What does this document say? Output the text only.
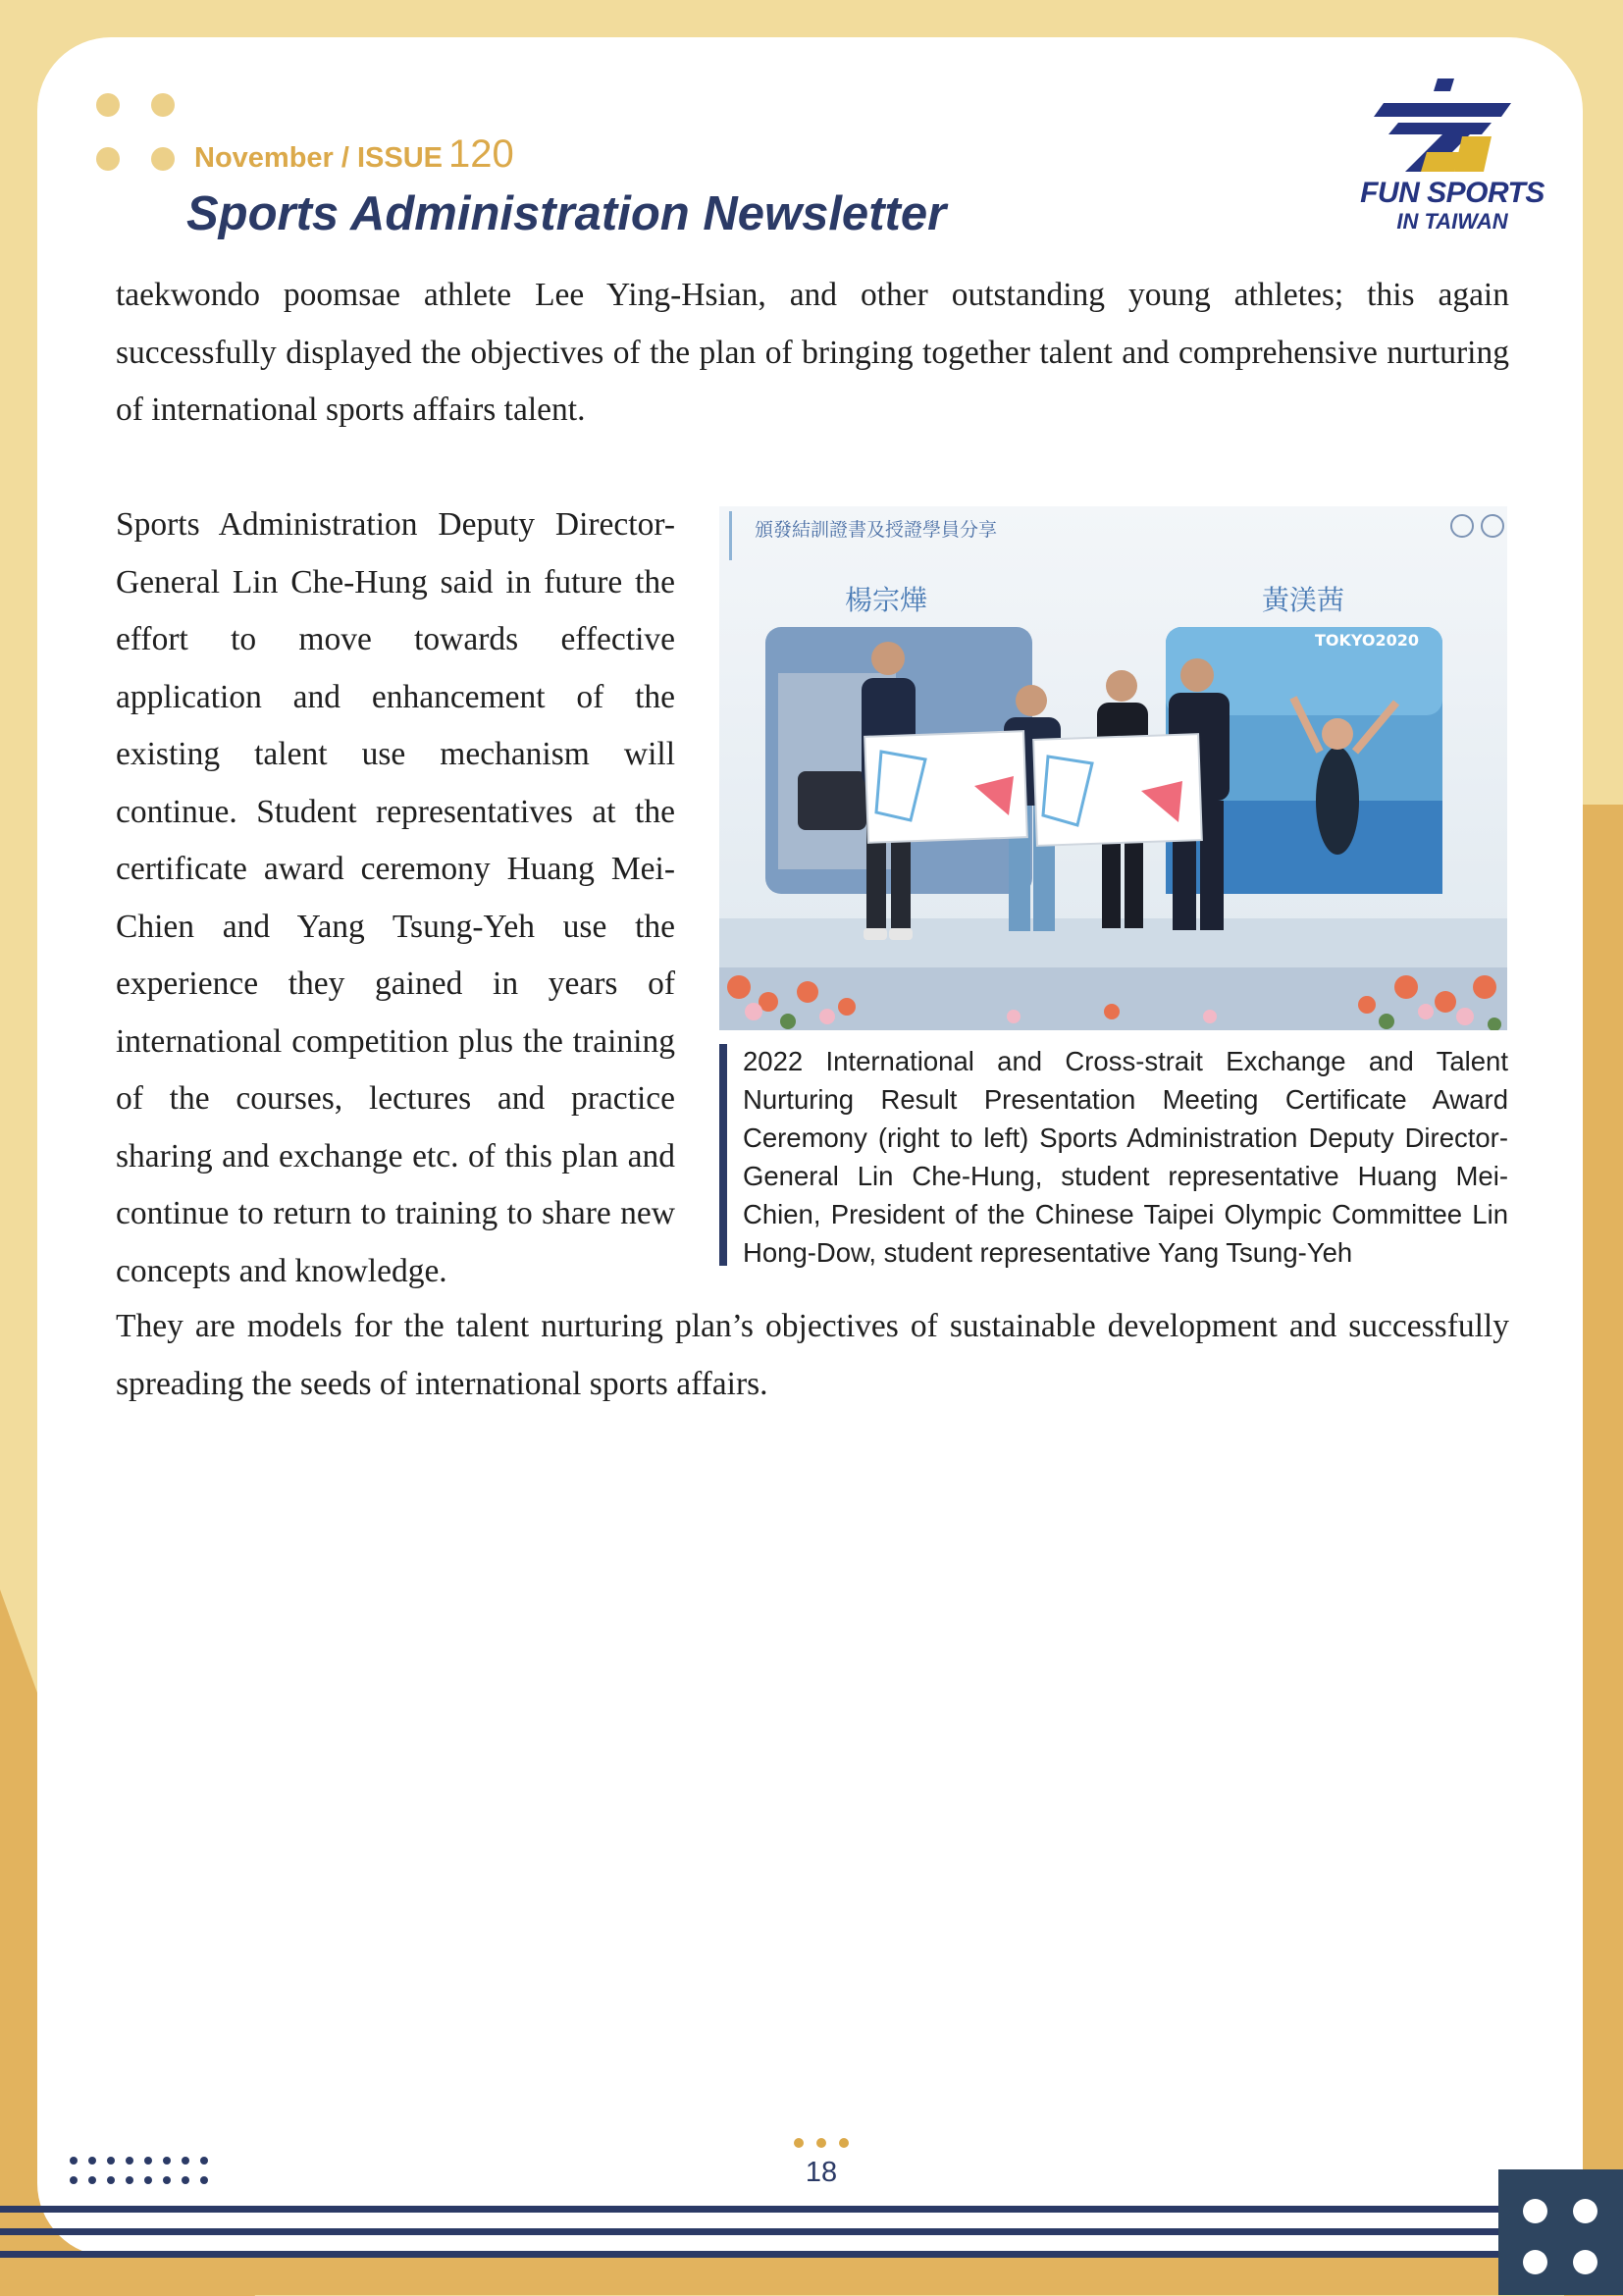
November / ISSUE 120
Sports Administration Newsletter	FUN SPORTS
IN TAIWAN

taekwondo poomsae athlete Lee Ying-Hsian, and other outstanding young athletes; this again successfully displayed the objectives of the plan of bringing together talent and comprehensive nurturing of international sports affairs talent.

Sports Administration Deputy Director-General Lin Che-Hung said in future the effort to move towards effective application and enhancement of the existing talent use mechanism will continue. Student representatives at the certificate award ceremony Huang Mei-Chien and Yang Tsung-Yeh use the experience they gained in years of international competition plus the training of the courses, lectures and practice sharing and exchange etc. of this plan and continue to return to training to share new concepts and knowledge.

They are models for the talent nurturing plan’s objectives of sustainable development and successfully spreading the seeds of international sports affairs.

頒發結訓證書及授證學員分享
楊宗燁	黃渼茜
TOKYO2020

2022 International and Cross-strait Exchange and Talent Nurturing Result Presentation Meeting Certificate Award Ceremony (right to left) Sports Administration Deputy Director-General Lin Che-Hung, student representative Huang Mei-Chien, President of the Chinese Taipei Olympic Committee Lin Hong-Dow, student representative Yang Tsung-Yeh

18
